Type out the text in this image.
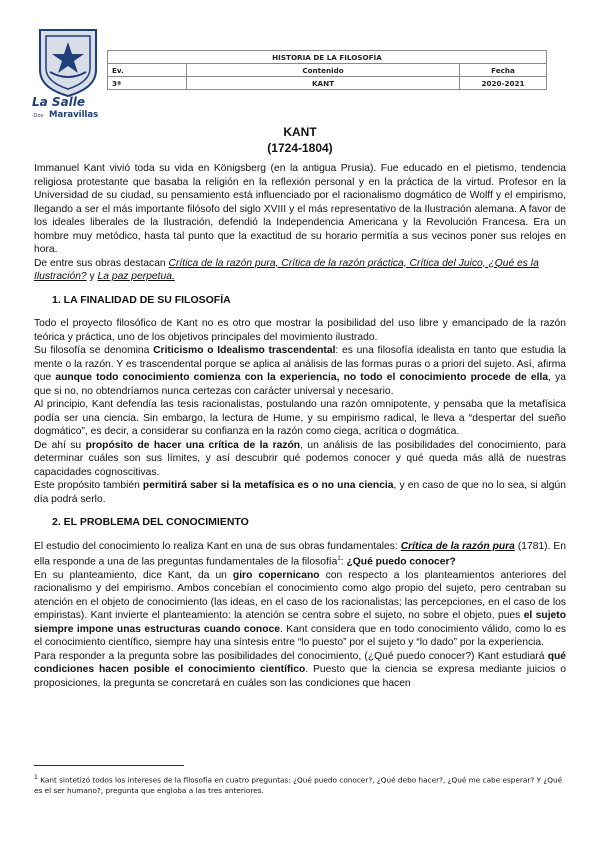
La Salle
·Dos· Maravillas
HISTORIA DE LA FILOSOFÍA		
Ev.	Contenido	Fecha
3ª	KANT	2020-2021
KANT
(1724-1804)

Immanuel Kant vivió toda su vida en Königsberg (en la antigua Prusia). Fue educado en el pietismo, tendencia religiosa protestante que basaba la religión en la reflexión personal y en la práctica de la virtud. Profesor en la Universidad de su ciudad, su pensamiento está influenciado por el racionalismo dogmático de Wolff y el empirismo, llegando a ser el más importante filósofo del siglo XVIII y el más representativo de la Ilustración alemana. A favor de los ideales liberales de la Ilustración, defendió la Independencia Americana y la Revolución Francesa. Era un hombre muy metódico, hasta tal punto que la exactitud de su horario permitía a sus vecinos poner sus relojes en hora.

De entre sus obras destacan Crítica de la razón pura, Crítica de la razón práctica, Crítica del Juico, ¿Qué es la Ilustración? y La paz perpetua.

1. LA FINALIDAD DE SU FILOSOFÍA

Todo el proyecto filosófico de Kant no es otro que mostrar la posibilidad del uso libre y emancipado de la razón teórica y práctica, uno de los objetivos principales del movimiento ilustrado.

Su filosofía se denomina Criticismo o Idealismo trascendental: es una filosofía idealista en tanto que estudia la mente o la razón. Y es trascendental porque se aplica al análisis de las formas puras o a priori del sujeto. Así, afirma que aunque todo conocimiento comienza con la experiencia, no todo el conocimiento procede de ella, ya que si no, no obtendríamos nunca certezas con carácter universal y necesario.

Al principio, Kant defendía las tesis racionalistas, postulando una razón omnipotente, y pensaba que la metafísica podía ser una ciencia. Sin embargo, la lectura de Hume, y su empirismo radical, le lleva a “despertar del sueño dogmático”, es decir, a considerar su confianza en la razón como ciega, acrítica o dogmática.

De ahí su propósito de hacer una crítica de la razón, un análisis de las posibilidades del conocimiento, para determinar cuáles son sus límites, y así descubrir qué podemos conocer y qué queda más allá de nuestras capacidades cognoscitivas.

Este propósito también permitirá saber si la metafísica es o no una ciencia, y en caso de que no lo sea, si algún día podrá serlo.

2. EL PROBLEMA DEL CONOCIMIENTO

El estudio del conocimiento lo realiza Kant en una de sus obras fundamentales: Crítica de la razón pura (1781). En ella responde a una de las preguntas fundamentales de la filosofía$^1$: ¿Qué puedo conocer?

En su planteamiento, dice Kant, da un giro copernicano con respecto a los planteamientos anteriores del racionalismo y del empirismo. Ambos concebían el conocimiento como algo propio del sujeto, pero centraban su atención en el objeto de conocimiento (las ideas, en el caso de los racionalistas; las percepciones, en el caso de los empiristas). Kant invierte el planteamiento: la atención se centra sobre el sujeto, no sobre el objeto, pues el sujeto siempre impone unas estructuras cuando conoce. Kant considera que en todo conocimiento válido, como lo es el conocimiento científico, siempre hay una síntesis entre “lo puesto” por el sujeto y “lo dado” por la experiencia.

Para responder a la pregunta sobre las posibilidades del conocimiento, (¿Qué puedo conocer?) Kant estudiará qué condiciones hacen posible el conocimiento científico. Puesto que la ciencia se expresa mediante juicios o proposiciones, la pregunta se concretará en cuáles son las condiciones que hacen

$^1$ Kant sintetizó todos los intereses de la filosofía en cuatro preguntas: ¿Qué puedo conocer?, ¿Qué debo hacer?, ¿Qué me cabe esperar? Y ¿Qué es el ser humano?, pregunta que engloba a las tres anteriores.
